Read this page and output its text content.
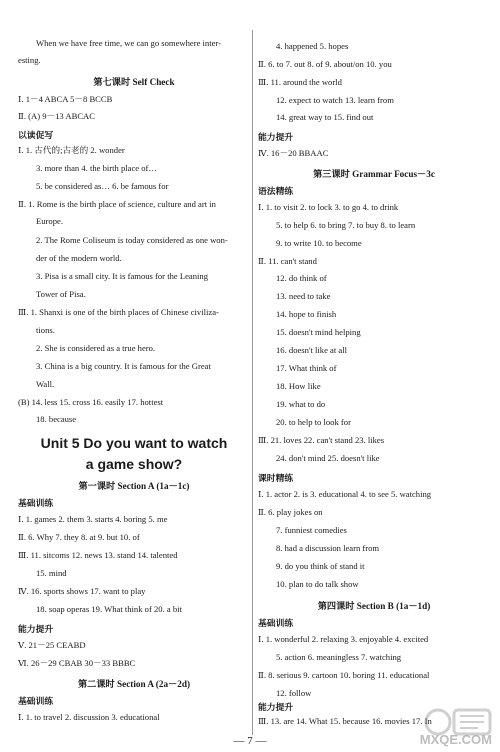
When we have free time, we can go somewhere inter-
esting.
第七课时 Self Check
Ⅰ. 1－4 ABCA 5－8 BCCB
Ⅱ. (A) 9－13 ABCAC
以读促写
Ⅰ. 1. 古代的;古老的 2. wonder
3. more than 4. the birth place of…
5. be considered as… 6. be famous for
Ⅱ. 1. Rome is the birth place of science, culture and art in
Europe.
2. The Rome Coliseum is today considered as one won-
der of the modern world.
3. Pisa is a small city. It is famous for the Leaning
Tower of Pisa.
Ⅲ. 1. Shanxi is one of the birth places of Chinese civiliza-
tions.
2. She is considered as a true hero.
3. China is a big country. It is famous for the Great
Wall.
(B) 14. less 15. cross 16. easily 17. hottest
18. because
Unit 5 Do you want to watch
a game show?
第一课时 Section A (1a－1c)
基础训练
Ⅰ. 1. games 2. them 3. starts 4. boring 5. me
Ⅱ. 6. Why 7. they 8. at 9. but 10. of
Ⅲ. 11. sitcoms 12. news 13. stand 14. talented
15. mind
Ⅳ. 16. sports shows 17. want to play
18. soap operas 19. What think of 20. a bit
能力提升
Ⅴ. 21－25 CEABD
Ⅵ. 26－29 CBAB 30－33 BBBC
第二课时 Section A (2a－2d)
基础训练
Ⅰ. 1. to travel 2. discussion 3. educational
4. happened 5. hopes
Ⅱ. 6. to 7. out 8. of 9. about/on 10. you
Ⅲ. 11. around the world
12. expect to watch 13. learn from
14. great way to 15. find out
能力提升
Ⅳ. 16－20 BBAAC
第三课时 Grammar Focus－3c
语法精练
Ⅰ. 1. to visit 2. to lock 3. to go 4. to drink
5. to help 6. to bring 7. to buy 8. to learn
9. to write 10. to become
Ⅱ. 11. can't stand
12. do think of
13. need to take
14. hope to finish
15. doesn't mind helping
16. doesn't like at all
17. What think of
18. How like
19. what to do
20. to help to look for
Ⅲ. 21. loves 22. can't stand 23. likes
24. don't mind 25. doesn't like
课时精练
Ⅰ. 1. actor 2. is 3. educational 4. to see 5. watching
Ⅱ. 6. play jokes on
7. funniest comedies
8. had a discussion learn from
9. do you think of stand it
10. plan to do talk show
第四课时 Section B (1a－1d)
基础训练
Ⅰ. 1. wonderful 2. relaxing 3. enjoyable 4. excited
5. action 6. meaningless 7. watching
Ⅱ. 8. serious 9. cartoon 10. boring 11. educational
12. follow
能力提升
Ⅲ. 13. are 14. What 15. because 16. movies 17. In
— 7 —	MXQE.COM
